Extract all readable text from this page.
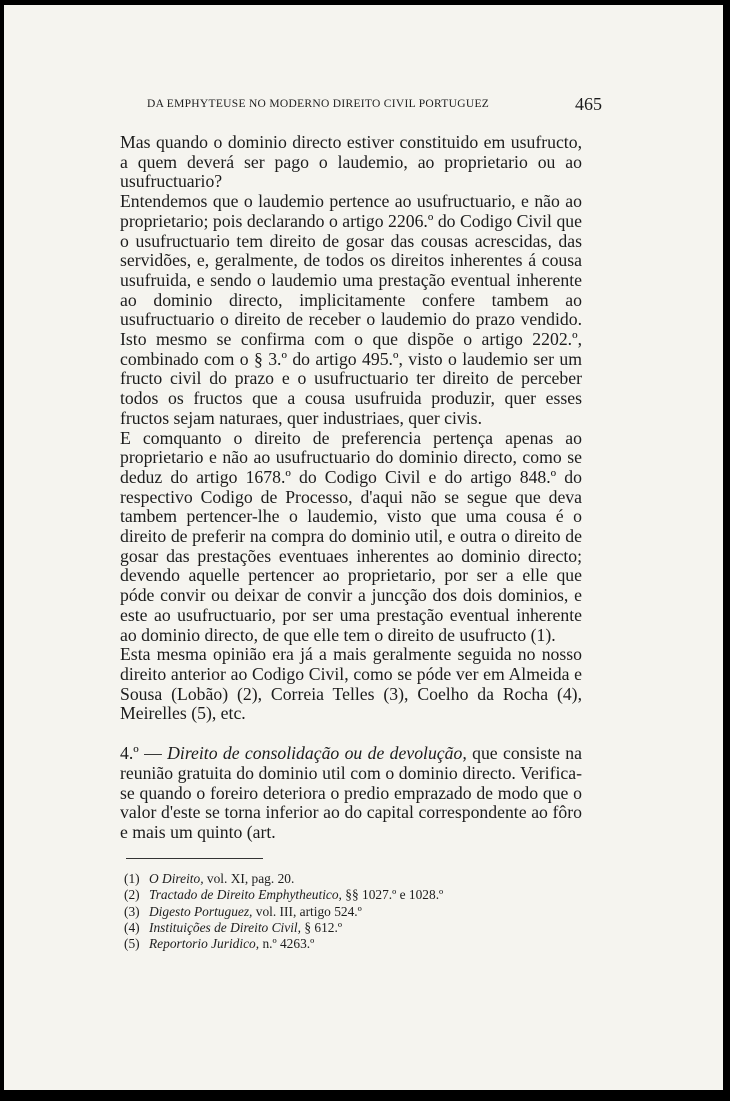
DA EMPHYTEUSE NO MODERNO DIREITO CIVIL PORTUGUEZ	465

Mas quando o dominio directo estiver constituido em usufructo, a quem deverá ser pago o laudemio, ao proprietario ou ao usufructuario?

Entendemos que o laudemio pertence ao usufructuario, e não ao proprietario; pois declarando o artigo 2206.º do Codigo Civil que o usufructuario tem direito de gosar das cousas acrescidas, das servidões, e, geralmente, de todos os direitos inherentes á cousa usufruida, e sendo o laudemio uma prestação eventual inherente ao dominio directo, implicitamente confere tambem ao usufructuario o direito de receber o laudemio do prazo vendido. Isto mesmo se confirma com o que dispõe o artigo 2202.º, combinado com o § 3.º do artigo 495.º, visto o laudemio ser um fructo civil do prazo e o usufructuario ter direito de perceber todos os fructos que a cousa usufruida produzir, quer esses fructos sejam naturaes, quer industriaes, quer civis.

E comquanto o direito de preferencia pertença apenas ao proprietario e não ao usufructuario do dominio directo, como se deduz do artigo 1678.º do Codigo Civil e do artigo 848.º do respectivo Codigo de Processo, d'aqui não se segue que deva tambem pertencer-lhe o laudemio, visto que uma cousa é o direito de preferir na compra do dominio util, e outra o direito de gosar das prestações eventuaes inherentes ao dominio directo; devendo aquelle pertencer ao proprietario, por ser a elle que póde convir ou deixar de convir a juncção dos dois dominios, e este ao usufructuario, por ser uma prestação eventual inherente ao dominio directo, de que elle tem o direito de usufructo (1).

Esta mesma opinião era já a mais geralmente seguida no nosso direito anterior ao Codigo Civil, como se póde ver em Almeida e Sousa (Lobão) (2), Correia Telles (3), Coelho da Rocha (4), Meirelles (5), etc.

4.º — Direito de consolidação ou de devolução, que consiste na reunião gratuita do dominio util com o dominio directo. Verifica-se quando o foreiro deteriora o predio emprazado de modo que o valor d'este se torna inferior ao do capital correspondente ao fôro e mais um quinto (art.

(1) O Direito, vol. XI, pag. 20.
(2) Tractado de Direito Emphytheutico, §§ 1027.º e 1028.º
(3) Digesto Portuguez, vol. III, artigo 524.º
(4) Instituições de Direito Civil, § 612.º
(5) Reportorio Juridico, n.º 4263.º
